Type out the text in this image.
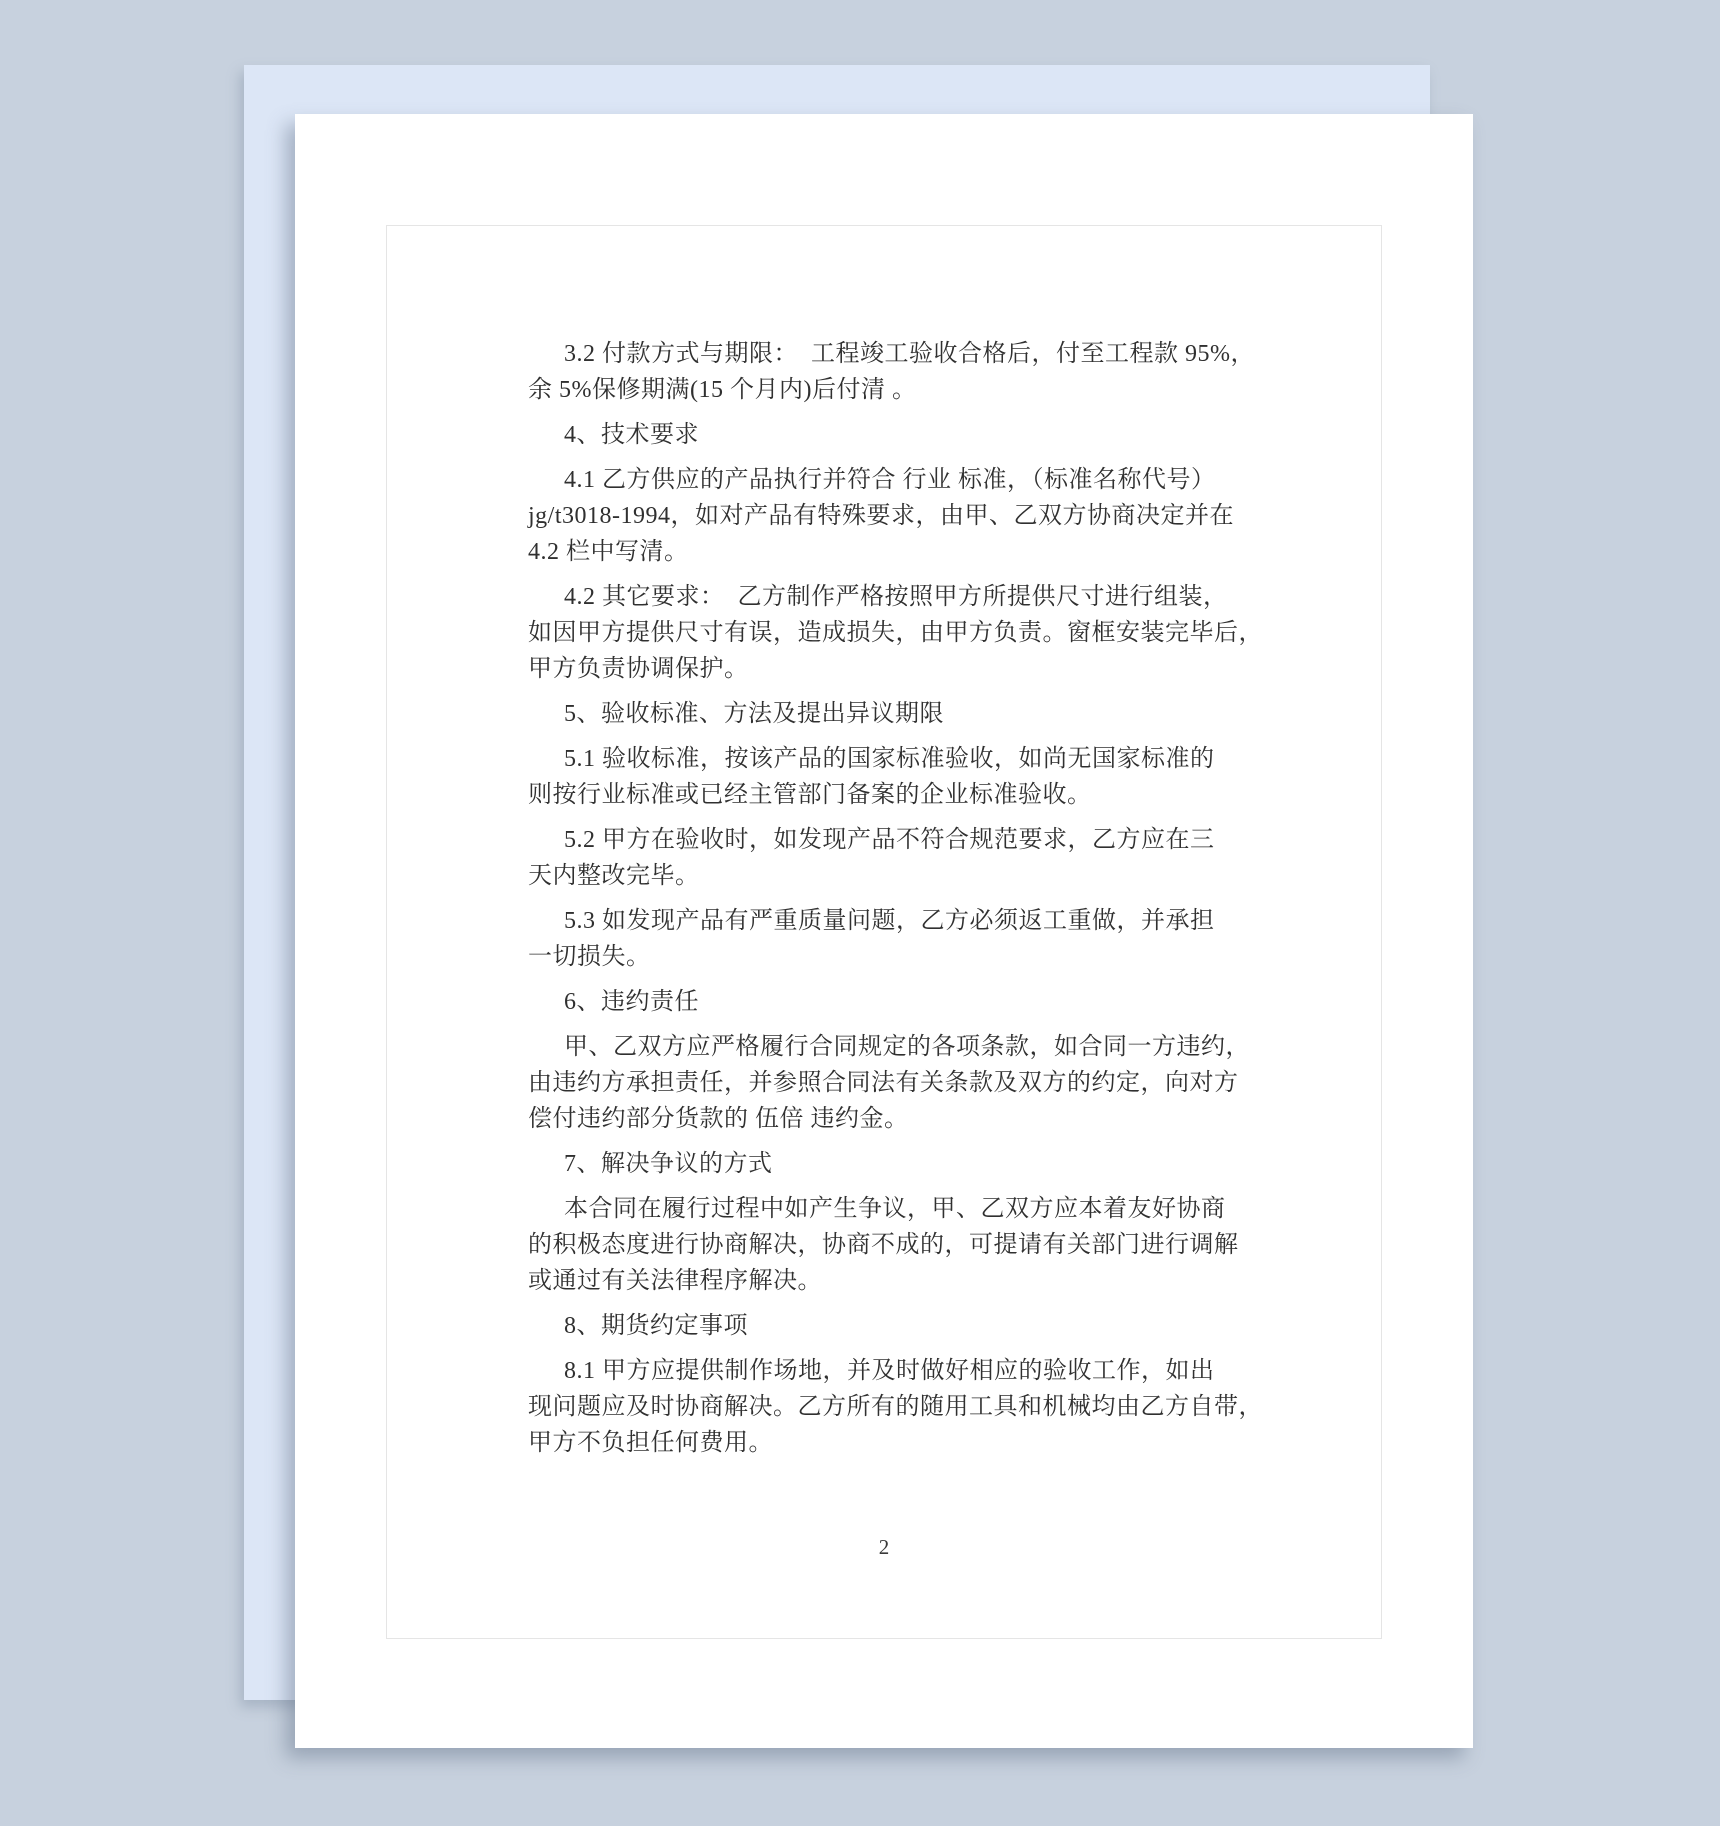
3.2 付款方式与期限：  工程竣工验收合格后，付至工程款 95%，
余 5%保修期满(15 个月内)后付清 。
4、技术要求
4.1 乙方供应的产品执行并符合 行业 标准，（标准名称代号）
jg/t3018-1994，如对产品有特殊要求，由甲、乙双方协商决定并在
4.2 栏中写清。
4.2 其它要求：  乙方制作严格按照甲方所提供尺寸进行组装，
如因甲方提供尺寸有误，造成损失，由甲方负责。窗框安装完毕后，
甲方负责协调保护。
5、验收标准、方法及提出异议期限
5.1 验收标准，按该产品的国家标准验收，如尚无国家标准的
则按行业标准或已经主管部门备案的企业标准验收。
5.2 甲方在验收时，如发现产品不符合规范要求，乙方应在三
天内整改完毕。
5.3 如发现产品有严重质量问题，乙方必须返工重做，并承担
一切损失。
6、违约责任
甲、乙双方应严格履行合同规定的各项条款，如合同一方违约，
由违约方承担责任，并参照合同法有关条款及双方的约定，向对方
偿付违约部分货款的 伍倍 违约金。
7、解决争议的方式
本合同在履行过程中如产生争议，甲、乙双方应本着友好协商
的积极态度进行协商解决，协商不成的，可提请有关部门进行调解
或通过有关法律程序解决。
8、期货约定事项
8.1 甲方应提供制作场地，并及时做好相应的验收工作，如出
现问题应及时协商解决。乙方所有的随用工具和机械均由乙方自带，
甲方不负担任何费用。
2
